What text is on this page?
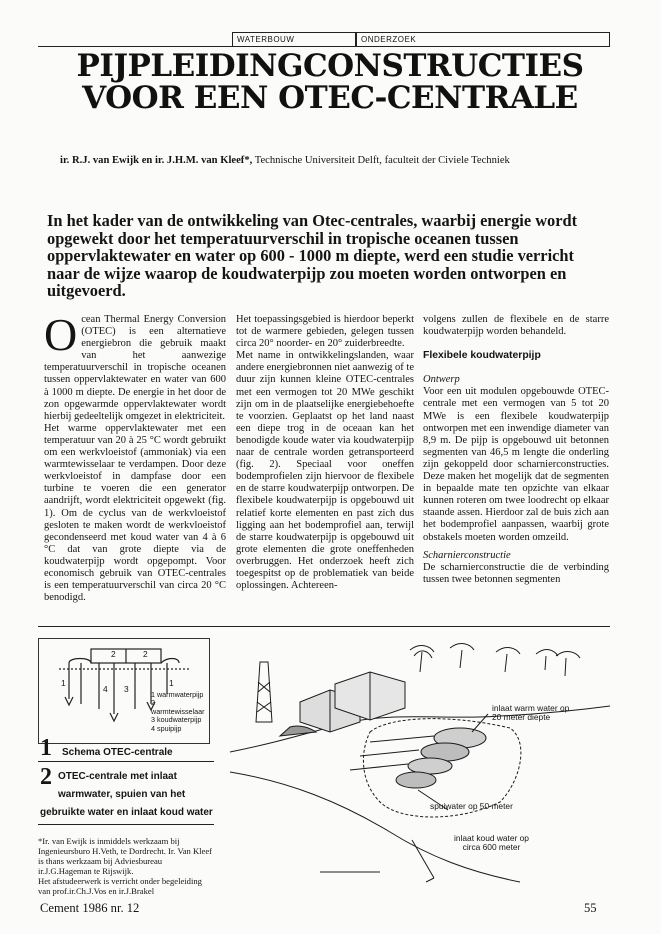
WATERBOUW	ONDERZOEK
PIJPLEIDINGCONSTRUCTIES
VOOR EEN OTEC-CENTRALE
ir. R.J. van Ewijk en ir. J.H.M. van Kleef*, Technische Universiteit Delft, faculteit der Civiele Techniek
In het kader van de ontwikkeling van Otec-centrales, waarbij energie wordt opgewekt door het temperatuurverschil in tropische oceanen tussen oppervlaktewater en water op 600 - 1000 m diepte, werd een studie verricht naar de wijze waarop de koudwaterpijp zou moeten worden ontworpen en uitgevoerd.

Ocean Thermal Energy Conversion (OTEC) is een alternatieve energiebron die gebruik maakt van het aanwezige temperatuurverschil in tropische oceanen tussen oppervlaktewater en water van 600 à 1000 m diepte. De energie in het door de zon opgewarmde oppervlaktewater wordt hierbij gedeeltelijk omgezet in elektriciteit.

Het warme oppervlaktewater met een temperatuur van 20 à 25 °C wordt gebruikt om een werkvloeistof (ammoniak) via een warmtewisselaar te verdampen. Door deze werkvloeistof in dampfase door een turbine te voeren die een generator aandrijft, wordt elektriciteit opgewekt (fig. 1). Om de cyclus van de werkvloeistof gesloten te maken wordt de werkvloeistof gecondenseerd met koud water van 4 à 6 °C dat van grote diepte via de koudwaterpijp wordt opgepompt. Voor economisch gebruik van OTEC-centrales is een temperatuurverschil van circa 20 °C benodigd.

Het toepassingsgebied is hierdoor beperkt tot de warmere gebieden, gelegen tussen circa 20° noorder- en 20° zuiderbreedte.

Met name in ontwikkelingslanden, waar andere energiebronnen niet aanwezig of te duur zijn kunnen kleine OTEC-centrales met een vermogen tot 20 MWe geschikt zijn om in de plaatselijke energiebehoefte te voorzien. Geplaatst op het land naast een diepe trog in de oceaan kan het benodigde koude water via koudwaterpijp naar de centrale worden getransporteerd (fig. 2). Speciaal voor oneffen bodemprofielen zijn hiervoor de flexibele en de starre koudwaterpijp ontworpen. De flexibele koudwaterpijp is opgebouwd uit relatief korte elementen en past zich dus ligging aan het bodemprofiel aan, terwijl de starre koudwaterpijp is opgebouwd uit grote elementen die grote oneffenheden overbruggen. Het onderzoek heeft zich toegespitst op de problematiek van beide oplossingen. Achtereen-

volgens zullen de flexibele en de starre koudwaterpijp worden behandeld.

Flexibele koudwaterpijp
Ontwerp

Voor een uit modulen opgebouwde OTEC-centrale met een vermogen van 5 tot 20 MWe is een flexibele koudwaterpijp ontworpen met een inwendige diameter van 8,9 m. De pijp is opgebouwd uit betonnen segmenten van 46,5 m lengte die onderling zijn gekoppeld door scharnierconstructies. Deze maken het mogelijk dat de segmenten in bepaalde mate ten opzichte van elkaar kunnen roteren om twee loodrecht op elkaar staande assen. Hierdoor zal de buis zich aan het bodemprofiel aanpassen, waarbij grote obstakels moeten worden omzeild.

Scharnierconstructie

De scharnierconstructie die de verbinding tussen twee betonnen segmenten

2	2
1
4 3
1
1 warmwaterpijp
2 warmtewisselaar
3 koudwaterpijp
4 spuipijp
1 Schema OTEC-centrale
2 OTEC-centrale met inlaat warmwater, spuien van het gebruikte water en inlaat koud water
*Ir. van Ewijk is inmiddels werkzaam bij Ingenieursburo H.Veth, te Dordrecht. Ir. Van Kleef is thans werkzaam bij Adviesbureau ir.J.G.Hageman te Rijswijk.
Het afstudeerwerk is verricht onder begeleiding van prof.ir.Ch.J.Vos en ir.J.Brakel
inlaat warm water op
20 meter diepte
spuiwater op 50 meter
inlaat koud water op
circa 600 meter
Cement 1986 nr. 12	55
